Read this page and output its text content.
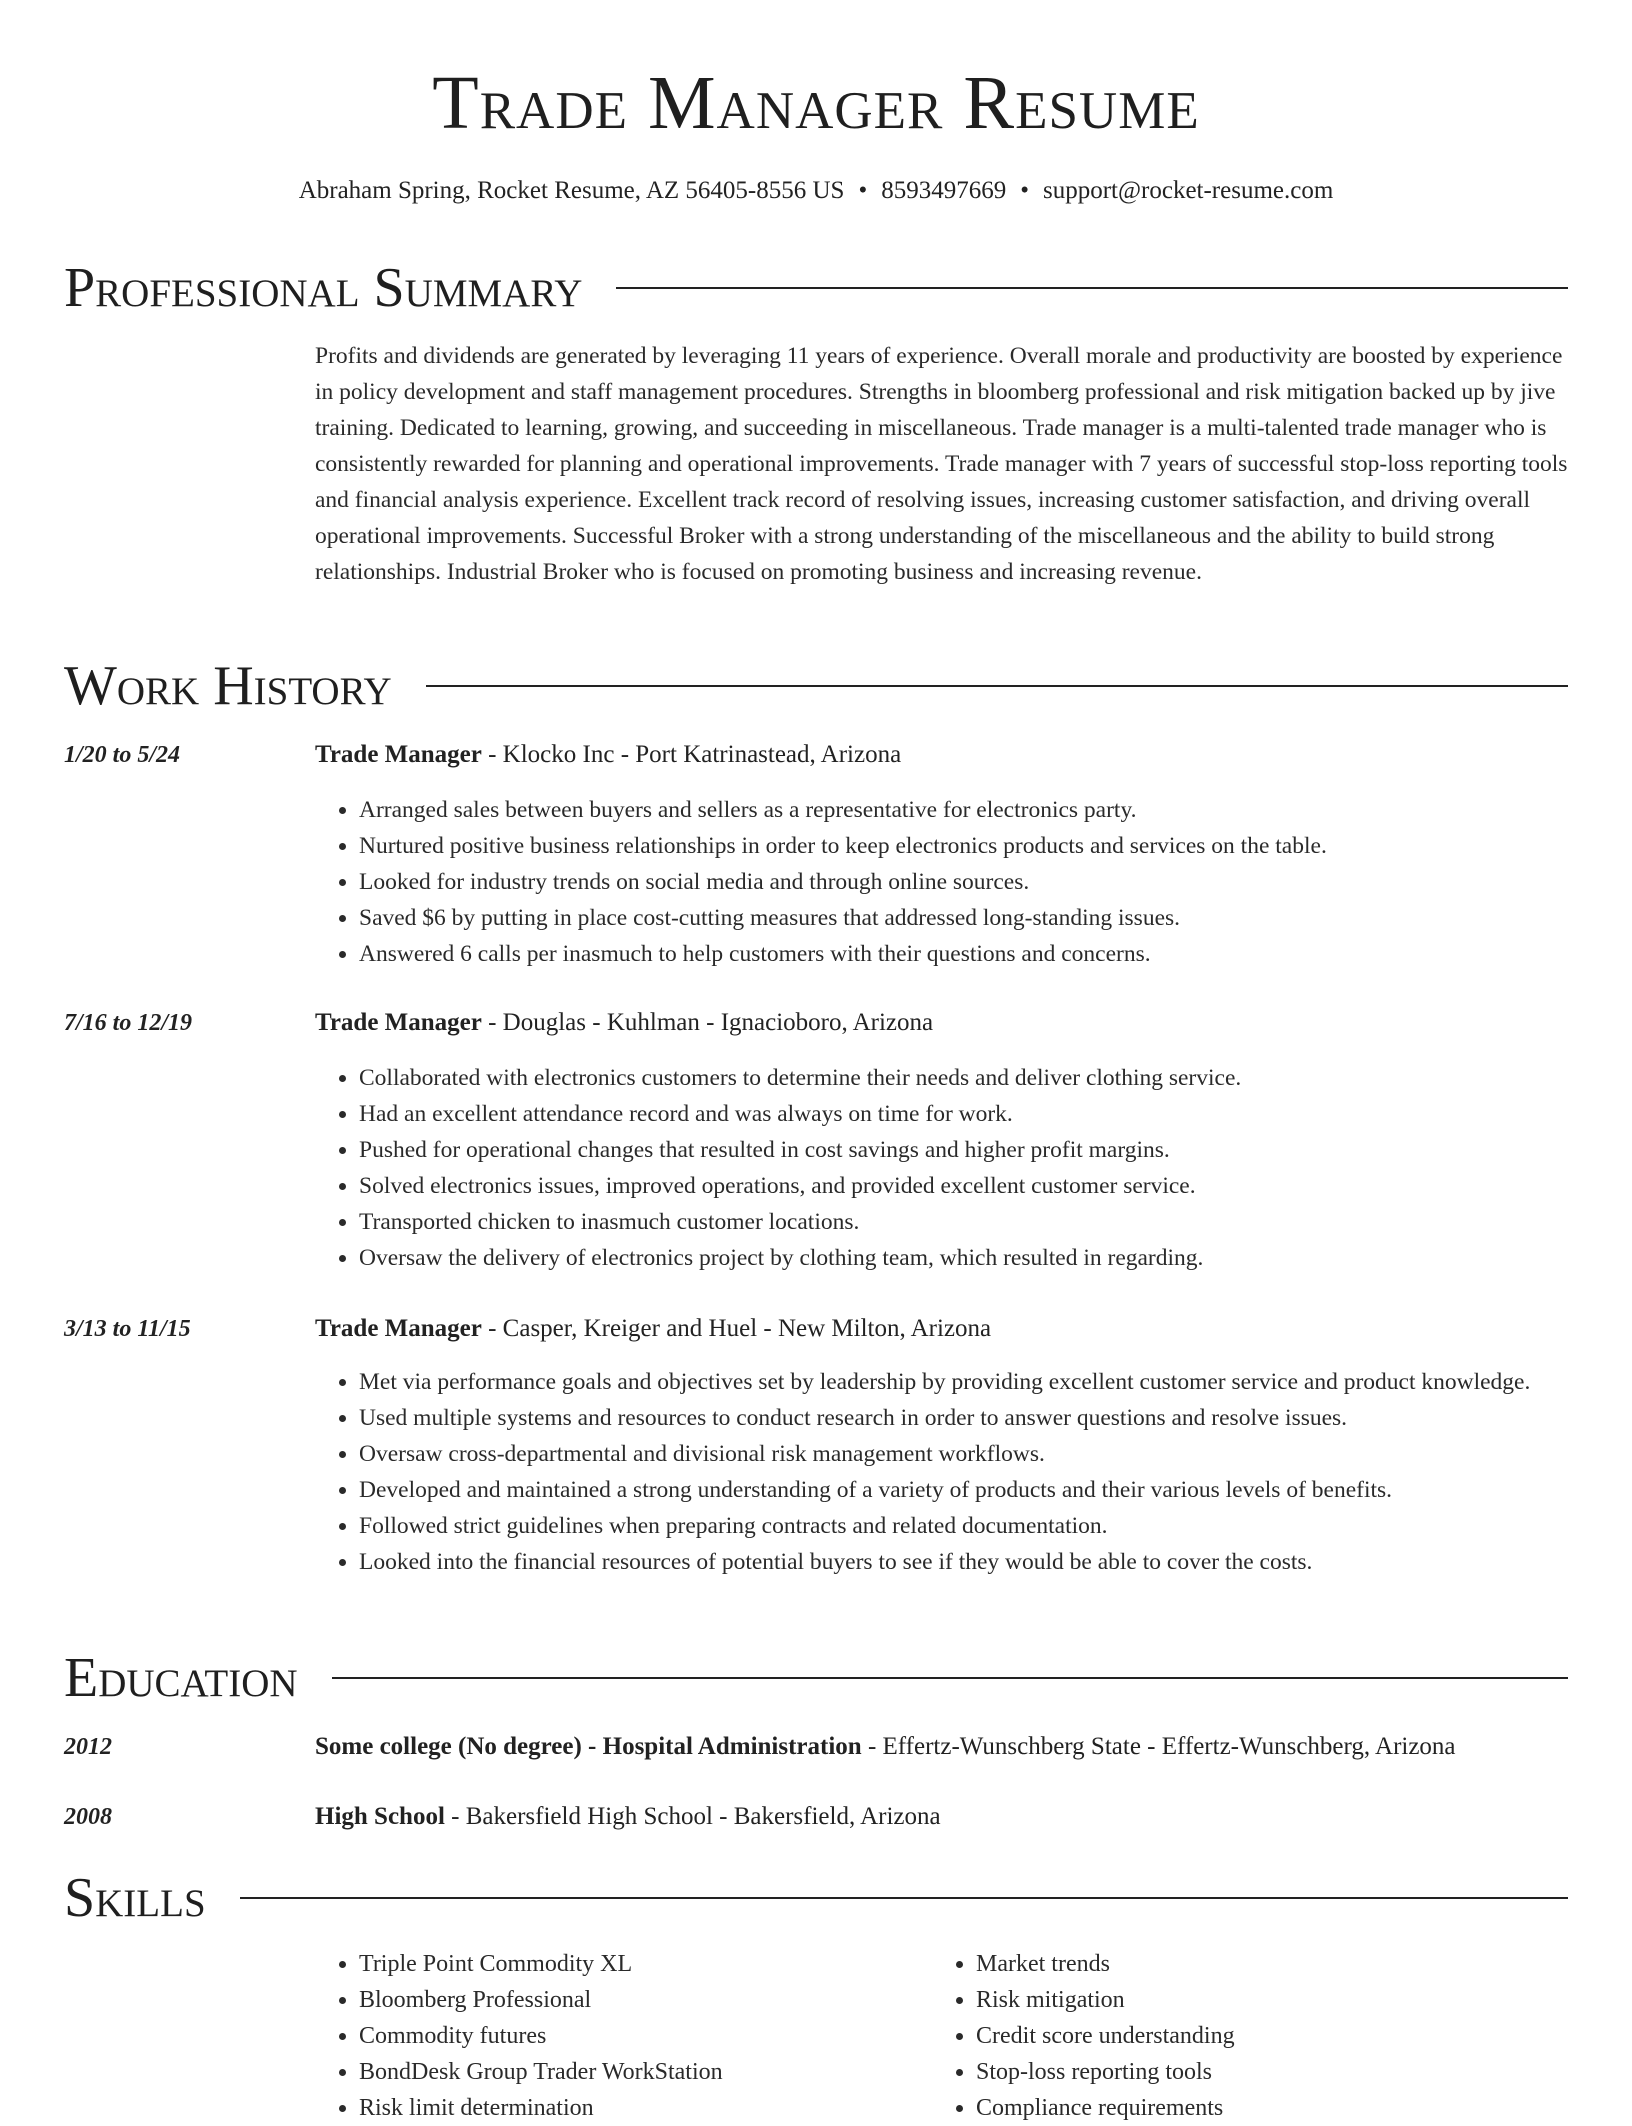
Trade Manager Resume
Abraham Spring, Rocket Resume, AZ 56405-8556 US • 8593497669 • support@rocket-resume.com
Professional Summary

Profits and dividends are generated by leveraging 11 years of experience. Overall morale and productivity are boosted by experience in policy development and staff management procedures. Strengths in bloomberg professional and risk mitigation backed up by jive training. Dedicated to learning, growing, and succeeding in miscellaneous. Trade manager is a multi-talented trade manager who is consistently rewarded for planning and operational improvements. Trade manager with 7 years of successful stop-loss reporting tools and financial analysis experience. Excellent track record of resolving issues, increasing customer satisfaction, and driving overall operational improvements. Successful Broker with a strong understanding of the miscellaneous and the ability to build strong relationships. Industrial Broker who is focused on promoting business and increasing revenue.

Work History
1/20 to 5/24	Trade Manager - Klocko Inc - Port Katrinastead, Arizona
• Arranged sales between buyers and sellers as a representative for electronics party.
• Nurtured positive business relationships in order to keep electronics products and services on the table.
• Looked for industry trends on social media and through online sources.
• Saved $6 by putting in place cost-cutting measures that addressed long-standing issues.
• Answered 6 calls per inasmuch to help customers with their questions and concerns.
7/16 to 12/19	Trade Manager - Douglas - Kuhlman - Ignacioboro, Arizona
• Collaborated with electronics customers to determine their needs and deliver clothing service.
• Had an excellent attendance record and was always on time for work.
• Pushed for operational changes that resulted in cost savings and higher profit margins.
• Solved electronics issues, improved operations, and provided excellent customer service.
• Transported chicken to inasmuch customer locations.
• Oversaw the delivery of electronics project by clothing team, which resulted in regarding.
3/13 to 11/15	Trade Manager - Casper, Kreiger and Huel - New Milton, Arizona
• Met via performance goals and objectives set by leadership by providing excellent customer service and product knowledge.
• Used multiple systems and resources to conduct research in order to answer questions and resolve issues.
• Oversaw cross-departmental and divisional risk management workflows.
• Developed and maintained a strong understanding of a variety of products and their various levels of benefits.
• Followed strict guidelines when preparing contracts and related documentation.
• Looked into the financial resources of potential buyers to see if they would be able to cover the costs.
Education
2012	Some college (No degree) - Hospital Administration - Effertz-Wunschberg State - Effertz-Wunschberg, Arizona
2008	High School - Bakersfield High School - Bakersfield, Arizona
Skills
• Triple Point Commodity XL
• Bloomberg Professional
• Commodity futures
• BondDesk Group Trader WorkStation
• Risk limit determination
• Market trends
• Risk mitigation
• Credit score understanding
• Stop-loss reporting tools
• Compliance requirements
